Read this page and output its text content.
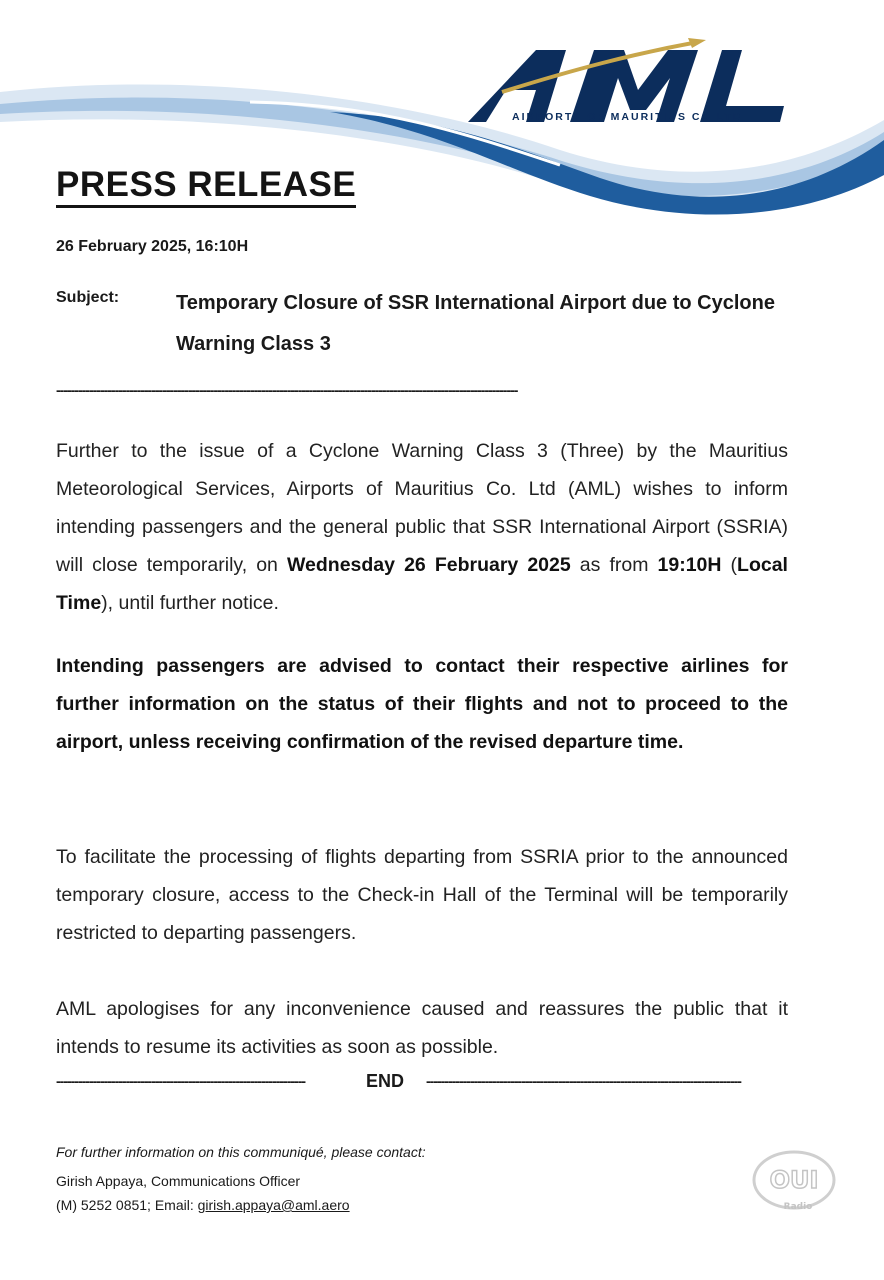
AIRPORTS OF MAURITIUS CO LTD
PRESS RELEASE
26 February 2025, 16:10H
Subject:	Temporary Closure of SSR International Airport due to Cyclone Warning Class 3
------------------------------------------------------------------------------------------------------------------------------

Further to the issue of a Cyclone Warning Class 3 (Three) by the Mauritius Meteorological Services, Airports of Mauritius Co. Ltd (AML) wishes to inform intending passengers and the general public that SSR International Airport (SSRIA) will close temporarily, on Wednesday 26 February 2025 as from 19:10H (Local Time), until further notice.

Intending passengers are advised to contact their respective airlines for further information on the status of their flights and not to proceed to the airport, unless receiving confirmation of the revised departure time.

To facilitate the processing of flights departing from SSRIA prior to the announced temporary closure, access to the Check-in Hall of the Terminal will be temporarily restricted to departing passengers.

AML apologises for any inconvenience caused and reassures the public that it intends to resume its activities as soon as possible.

--------------------------------------------------------------------	END --------------------------------------------------------------------------------------
For further information on this communiqué, please contact:
Girish Appaya, Communications Officer
(M) 5252 0851; Email: girish.appaya@aml.aero
OUI
Radio
